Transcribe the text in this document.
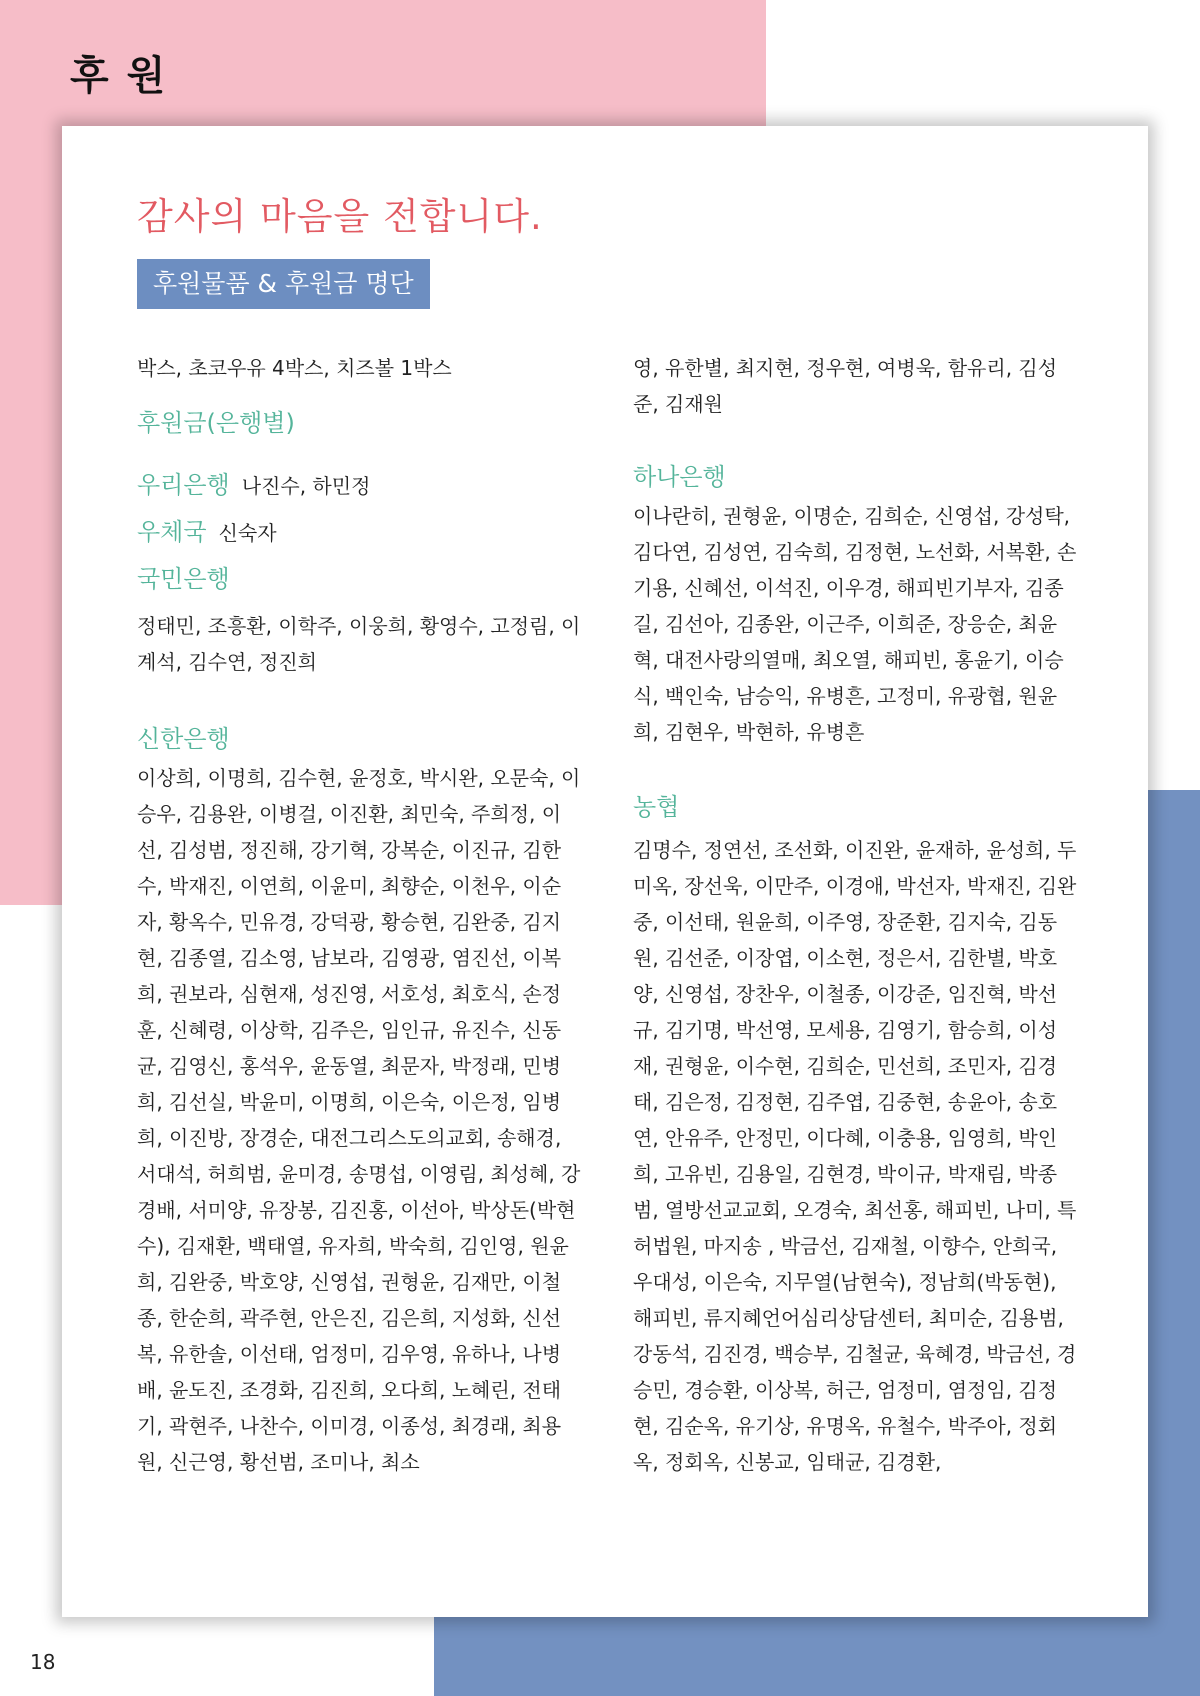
후 원
감사의 마음을 전합니다.
후원물품 & 후원금 명단

박스, 초코우유 4박스, 치즈볼 1박스

후원금(은행별)

우리은행 나진수, 하민정

우체국 신숙자

국민은행

정태민, 조흥환, 이학주, 이웅희, 황영수, 고정림, 이계석, 김수연, 정진희

신한은행

이상희, 이명희, 김수현, 윤정호, 박시완, 오문숙, 이승우, 김용완, 이병걸, 이진환, 최민숙, 주희정, 이선, 김성범, 정진해, 강기혁, 강복순, 이진규, 김한수, 박재진, 이연희, 이윤미, 최향순, 이천우, 이순자, 황옥수, 민유경, 강덕광, 황승현, 김완중, 김지현, 김종열, 김소영, 남보라, 김영광, 염진선, 이복희, 권보라, 심현재, 성진영, 서호성, 최호식, 손정훈, 신혜령, 이상학, 김주은, 임인규, 유진수, 신동균, 김영신, 홍석우, 윤동열, 최문자, 박정래, 민병희, 김선실, 박윤미, 이명희, 이은숙, 이은정, 임병희, 이진방, 장경순, 대전그리스도의교회, 송해경, 서대석, 허희범, 윤미경, 송명섭, 이영림, 최성혜, 강경배, 서미양, 유장봉, 김진홍, 이선아, 박상돈(박현수), 김재환, 백태열, 유자희, 박숙희, 김인영, 원윤희, 김완중, 박호양, 신영섭, 권형윤, 김재만, 이철종, 한순희, 곽주현, 안은진, 김은희, 지성화, 신선복, 유한솔, 이선태, 엄정미, 김우영, 유하나, 나병배, 윤도진, 조경화, 김진희, 오다희, 노혜린, 전태기, 곽현주, 나찬수, 이미경, 이종성, 최경래, 최용원, 신근영, 황선범, 조미나, 최소

영, 유한별, 최지현, 정우현, 여병욱, 함유리, 김성준, 김재원

하나은행

이나란히, 권형윤, 이명순, 김희순, 신영섭, 강성탁, 김다연, 김성연, 김숙희, 김정현, 노선화, 서복환, 손기용, 신혜선, 이석진, 이우경, 해피빈기부자, 김종길, 김선아, 김종완, 이근주, 이희준, 장응순, 최윤혁, 대전사랑의열매, 최오열, 해피빈, 홍윤기, 이승식, 백인숙, 남승익, 유병흔, 고정미, 유광협, 원윤희, 김현우, 박현하, 유병흔

농협

김명수, 정연선, 조선화, 이진완, 윤재하, 윤성희, 두미옥, 장선욱, 이만주, 이경애, 박선자, 박재진, 김완중, 이선태, 원윤희, 이주영, 장준환, 김지숙, 김동원, 김선준, 이장엽, 이소현, 정은서, 김한별, 박호양, 신영섭, 장찬우, 이철종, 이강준, 임진혁, 박선규, 김기명, 박선영, 모세용, 김영기, 함승희, 이성재, 권형윤, 이수현, 김희순, 민선희, 조민자, 김경태, 김은정, 김정현, 김주엽, 김중현, 송윤아, 송호연, 안유주, 안정민, 이다혜, 이충용, 임영희, 박인희, 고유빈, 김용일, 김현경, 박이규, 박재림, 박종범, 열방선교교회, 오경숙, 최선홍, 해피빈, 나미, 특허법원, 마지송 , 박금선, 김재철, 이향수, 안희국, 우대성, 이은숙, 지무열(남현숙), 정남희(박동현), 해피빈, 류지혜언어심리상담센터, 최미순, 김용범, 강동석, 김진경, 백승부, 김철균, 육혜경, 박금선, 경승민, 경승환, 이상복, 허근, 엄정미, 염정임, 김정현, 김순옥, 유기상, 유명옥, 유철수, 박주아, 정회옥, 정회옥, 신봉교, 임태균, 김경환,

18
